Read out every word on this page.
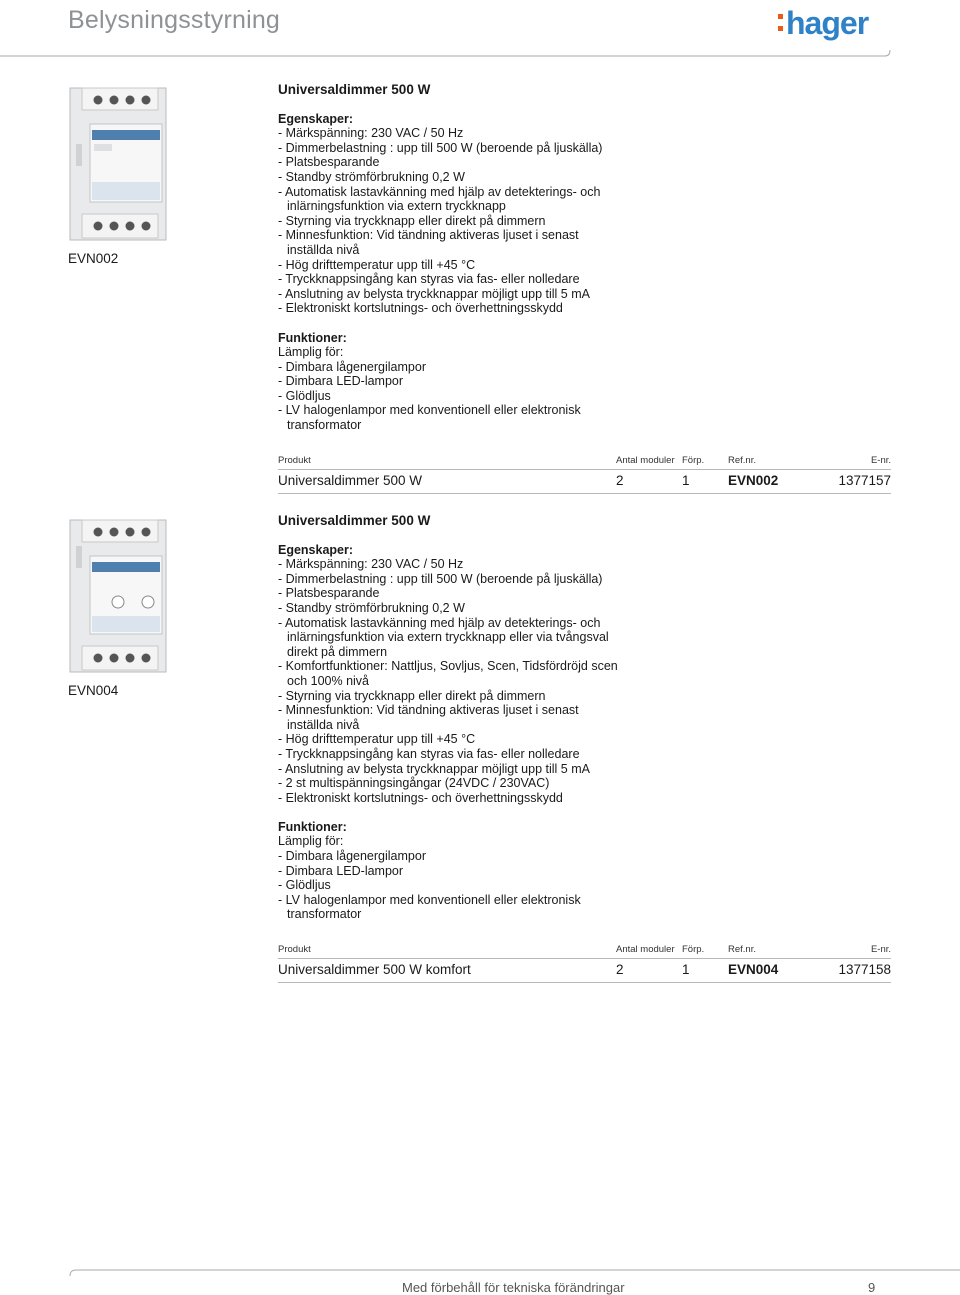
Belysningsstyrning	hager
EVN002
Universaldimmer 500 W
Egenskaper:
- Märkspänning: 230 VAC / 50 Hz
- Dimmerbelastning : upp till 500 W (beroende på ljuskälla)
- Platsbesparande
- Standby strömförbrukning 0,2 W
- Automatisk lastavkänning med hjälp av detekterings- och inlärningsfunktion via extern tryckknapp
- Styrning via tryckknapp eller direkt på dimmern
- Minnesfunktion: Vid tändning aktiveras ljuset i senast inställda nivå
- Hög drifttemperatur upp till +45 °C
- Tryckknappsingång kan styras via fas- eller nolledare
- Anslutning av belysta tryckknappar möjligt upp till 5 mA
- Elektroniskt kortslutnings- och överhettningsskydd
Funktioner:
Lämplig för:
- Dimbara lågenergilampor
- Dimbara LED-lampor
- Glödljus
- LV halogenlampor med konventionell eller elektronisk transformator
Produkt	Antal moduler	Förp.	Ref.nr.	E-nr.
Universaldimmer 500 W	2	1	EVN002	1377157
EVN004
Universaldimmer 500 W
Egenskaper:
- Märkspänning: 230 VAC / 50 Hz
- Dimmerbelastning : upp till 500 W (beroende på ljuskälla)
- Platsbesparande
- Standby strömförbrukning 0,2 W
- Automatisk lastavkänning med hjälp av detekterings- och inlärningsfunktion via extern tryckknapp eller via tvångsval direkt på dimmern
- Komfortfunktioner: Nattljus, Sovljus, Scen, Tidsfördröjd scen och 100% nivå
- Styrning via tryckknapp eller direkt på dimmern
- Minnesfunktion: Vid tändning aktiveras ljuset i senast inställda nivå
- Hög drifttemperatur upp till +45 °C
- Tryckknappsingång kan styras via fas- eller nolledare
- Anslutning av belysta tryckknappar möjligt upp till 5 mA
- 2 st multispänningsingångar (24VDC / 230VAC)
- Elektroniskt kortslutnings- och överhettningsskydd
Funktioner:
Lämplig för:
- Dimbara lågenergilampor
- Dimbara LED-lampor
- Glödljus
- LV halogenlampor med konventionell eller elektronisk transformator
Produkt	Antal moduler	Förp.	Ref.nr.	E-nr.
Universaldimmer 500 W komfort	2	1	EVN004	1377158
Med förbehåll för tekniska förändringar	9
